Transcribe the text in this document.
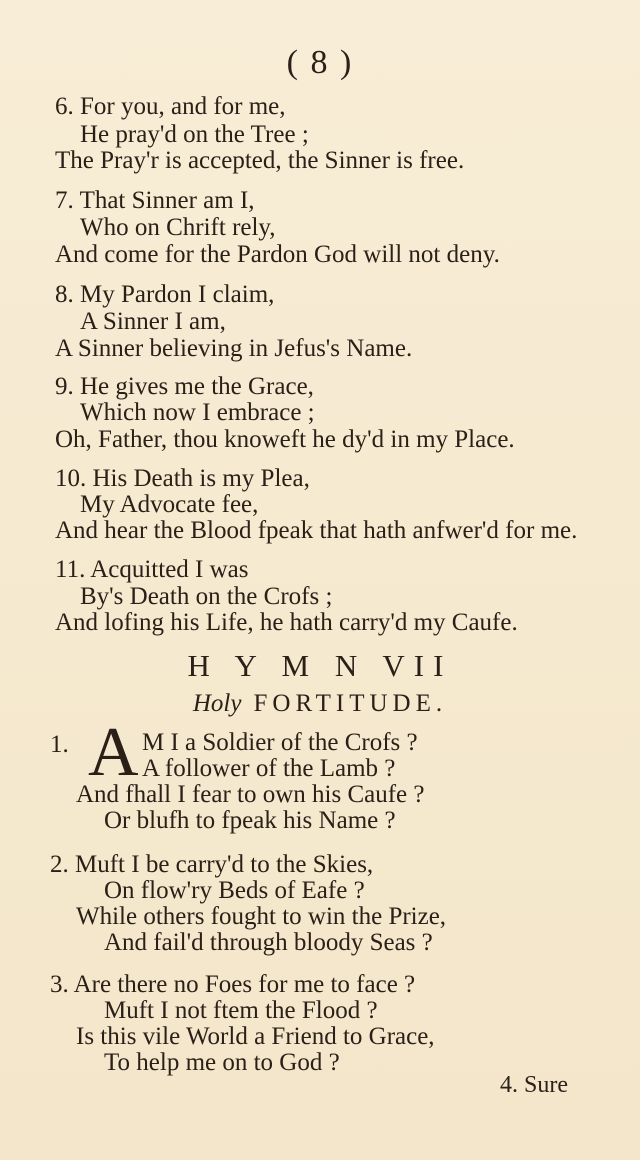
( 8 )
6. For you, and for me,
He pray'd on the Tree ;
The Pray'r is accepted, the Sinner is free.
7. That Sinner am I,
Who on Chrift rely,
And come for the Pardon God will not deny.
8. My Pardon I claim,
A Sinner I am,
A Sinner believing in Jefus's Name.
9. He gives me the Grace,
Which now I embrace ;
Oh, Father, thou knoweft he dy'd in my Place.
10. His Death is my Plea,
My Advocate fee,
And hear the Blood fpeak that hath anfwer'd for me.
11. Acquitted I was
By's Death on the Crofs ;
And lofing his Life, he hath carry'd my Caufe.
H Y M N VII
Holy FORTITUDE.
1. A M I a Soldier of the Crofs ?
A follower of the Lamb ?
And fhall I fear to own his Caufe ?
Or blufh to fpeak his Name ?
2. Muft I be carry'd to the Skies,
On flow'ry Beds of Eafe ?
While others fought to win the Prize,
And fail'd through bloody Seas ?
3. Are there no Foes for me to face ?
Muft I not ftem the Flood ?
Is this vile World a Friend to Grace,
To help me on to God ?
4. Sure
